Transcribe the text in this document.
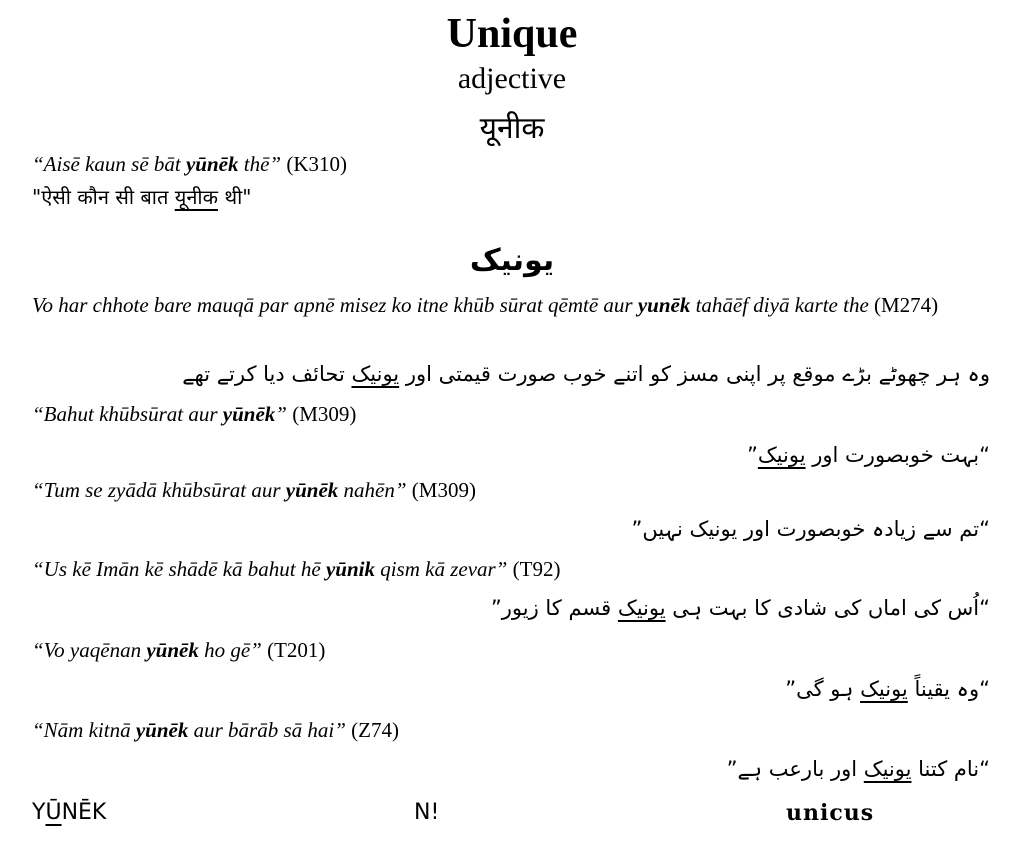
Unique
adjective
यूनीक
“Aisē kaun sē bāt yūnēk thē” (K310)
"ऐसी कौन सी बात यूनीक थी"
یونیک
Vo har chhote bare mauqā par apnē misez ko itne khūb sūrat qēmtē aur yunēk tahāēf diyā karte the (M274)
وہ ہر چھوٹے بڑے موقع پر اپنی مسز کو اتنے خوب صورت قیمتی اور یونیک تحائف دیا کرتے تھے
“Bahut khūbsūrat aur yūnēk” (M309)
“بہت خوبصورت اور یونیک”
“Tum se zyādā khūbsūrat aur yūnēk nahēn” (M309)
“تم سے زیادہ خوبصورت اور یونیک نہیں”
“Us kē Imān kē shādē kā bahut hē yūnik qism kā zevar” (T92)
“اُس کی اماں کی شادی کا بہت ہی یونیک قسم کا زیور”
“Vo yaqēnan yūnēk ho gē” (T201)
“وہ یقیناً یونیک ہو گی”
“Nām kitnā yūnēk aur bārāb sā hai” (Z74)
“نام کتنا یونیک اور بارعب ہے”
YŪNĒK	N!	unicus
